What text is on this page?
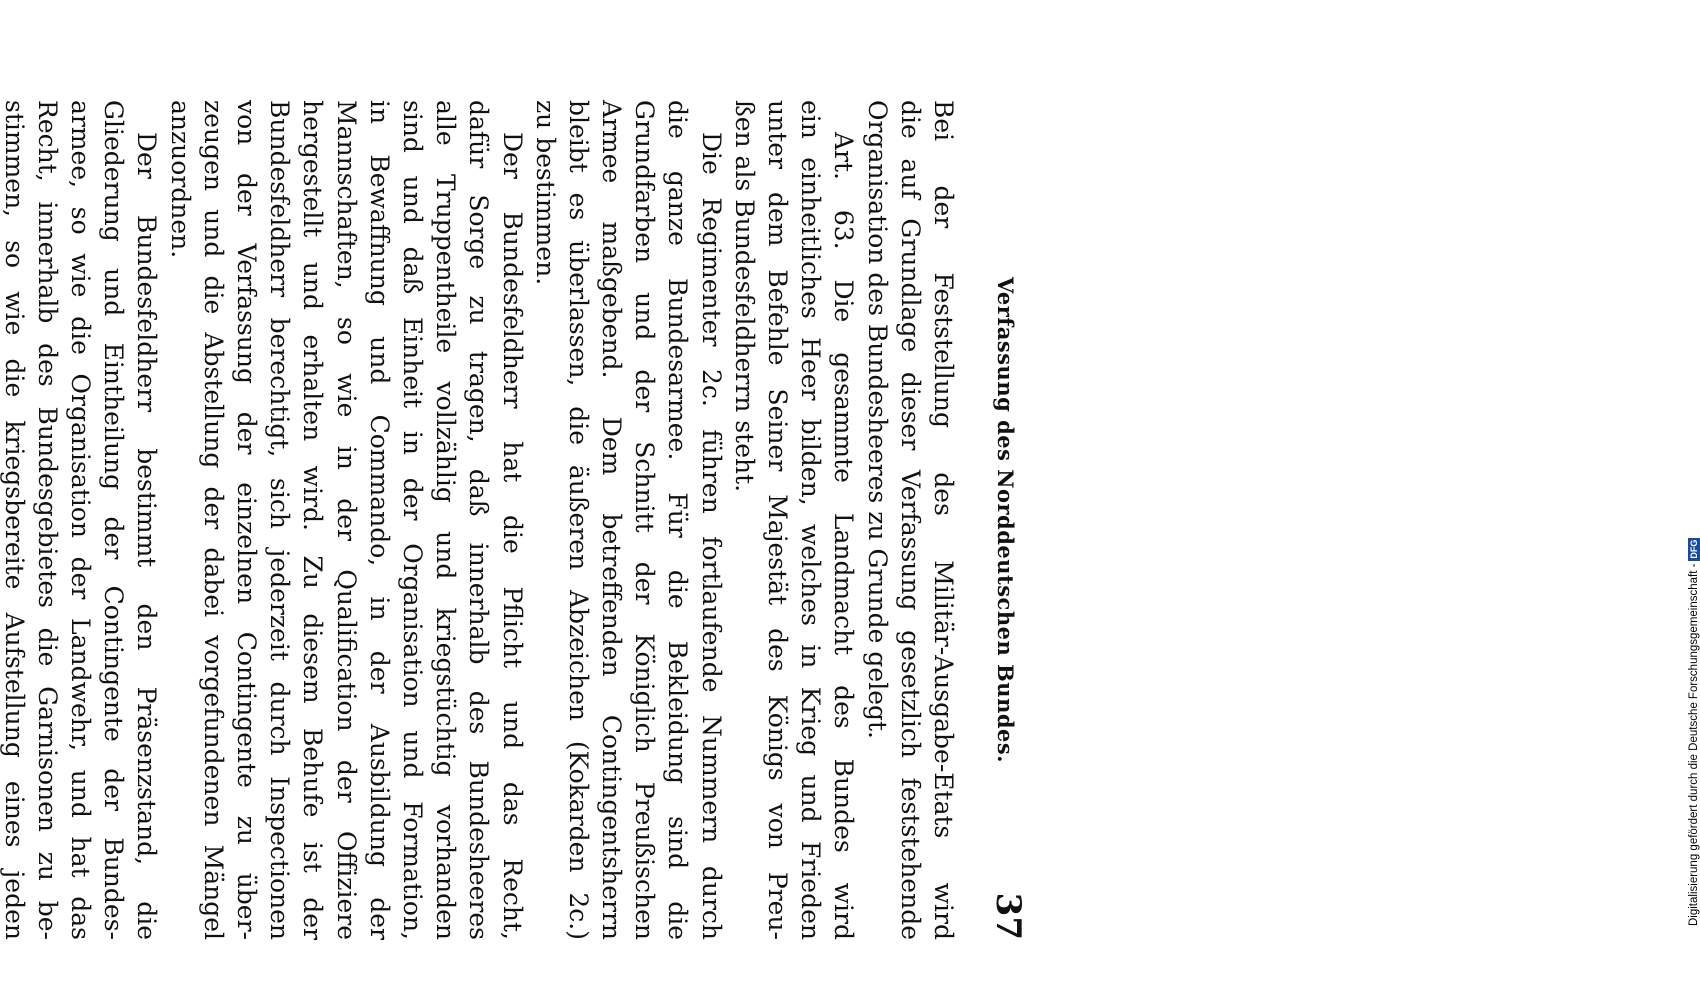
Verfassung des Norddeutschen Bundes.
37
Bei der Feststellung des Militär-Ausgabe-Etats wird
die auf Grundlage dieser Verfassung gesetzlich feststehende
Organisation des Bundesheeres zu Grunde gelegt.
Art. 63. Die gesammte Landmacht des Bundes wird
ein einheitliches Heer bilden, welches in Krieg und Frieden
unter dem Befehle Seiner Majestät des Königs von Preu-
ßen als Bundesfeldherrn steht.
Die Regimenter 2c. führen fortlaufende Nummern durch
die ganze Bundesarmee. Für die Bekleidung sind die
Grundfarben und der Schnitt der Königlich Preußischen
Armee maßgebend. Dem betreffenden Contingentsherrn
bleibt es überlassen, die äußeren Abzeichen (Kokarden 2c.)
zu bestimmen.
Der Bundesfeldherr hat die Pflicht und das Recht,
dafür Sorge zu tragen, daß innerhalb des Bundesheeres
alle Truppentheile vollzählig und kriegstüchtig vorhanden
sind und daß Einheit in der Organisation und Formation,
in Bewaffnung und Commando, in der Ausbildung der
Mannschaften, so wie in der Qualification der Offiziere
hergestellt und erhalten wird. Zu diesem Behufe ist der
Bundesfeldherr berechtigt, sich jederzeit durch Inspectionen
von der Verfassung der einzelnen Contingente zu über-
zeugen und die Abstellung der dabei vorgefundenen Mängel
anzuordnen.
Der Bundesfeldherr bestimmt den Präsenzstand, die
Gliederung und Eintheilung der Contingente der Bundes-
armee, so wie die Organisation der Landwehr, und hat das
Recht, innerhalb des Bundesgebietes die Garnisonen zu be-
stimmen, so wie die kriegsbereite Aufstellung eines jeden	Digitalisierung gefördert durch die Deutsche Forschungsgemeinschaft -DFG
